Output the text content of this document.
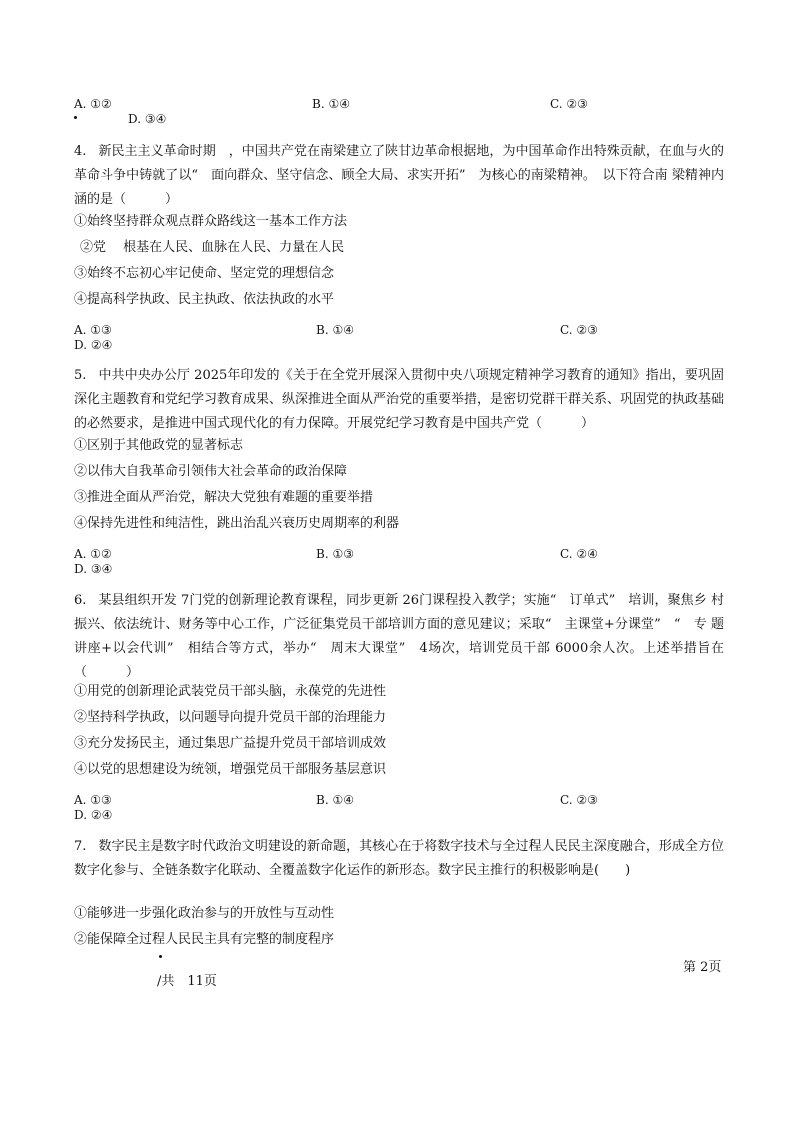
A. ①②	B. ①④	C. ②③
D. ③④
4. 新民主主义革命时期　，中国共产党在南梁建立了陕甘边革命根据地，为中国革命作出特殊贡献，在血与火的革命斗争中铸就了以“　面向群众、坚守信念、顾全大局、求实开拓”　为核心的南梁精神。　以下符合南 梁精神内涵的是（　　　）
①始终坚持群众观点群众路线这一基本工作方法
②党　 根基在人民、血脉在人民、力量在人民
③始终不忘初心牢记使命、坚定党的理想信念
④提高科学执政、民主执政、依法执政的水平
A. ①③	B. ①④	C. ②③
D. ②④
5. 中共中央办公厅 2025年印发的《关于在全党开展深入贯彻中央八项规定精神学习教育的通知》指出，要巩固深化主题教育和党纪学习教育成果、纵深推进全面从严治党的重要举措，是密切党群干群关系、巩固党的执政基础的必然要求，是推进中国式现代化的有力保障。开展党纪学习教育是中国共产党（　　　）
①区别于其他政党的显著标志
②以伟大自我革命引领伟大社会革命的政治保障
③推进全面从严治党，解决大党独有难题的重要举措
④保持先进性和纯洁性，跳出治乱兴衰历史周期率的利器
A. ①②	B. ①③	C. ②④
D. ③④
6. 某县组织开发 7门党的创新理论教育课程，同步更新 26门课程投入教学；实施“　订单式”　培训，聚焦乡 村振兴、依法统计、财务等中心工作，广泛征集党员干部培训方面的意见建议；采取“　主课堂+分课堂”　“　专 题讲座+以会代训”　相结合等方式，举办“　周末大课堂”　4场次，培训党员干部 6000余人次。上述举措旨在　（　　　）
①用党的创新理论武装党员干部头脑，永葆党的先进性
②坚持科学执政，以问题导向提升党员干部的治理能力
③充分发扬民主，通过集思广益提升党员干部培训成效
④以党的思想建设为统领，增强党员干部服务基层意识
A. ①③	B. ①④	C. ②③
D. ②④
7. 数字民主是数字时代政治文明建设的新命题，其核心在于将数字技术与全过程人民民主深度融合，形成全方位数字化参与、全链条数字化联动、全覆盖数字化运作的新形态。数字民主推行的积极影响是(　　)
①能够进一步强化政治参与的开放性与互动性
②能保障全过程人民民主具有完整的制度程序
第 2页
/共　11页
